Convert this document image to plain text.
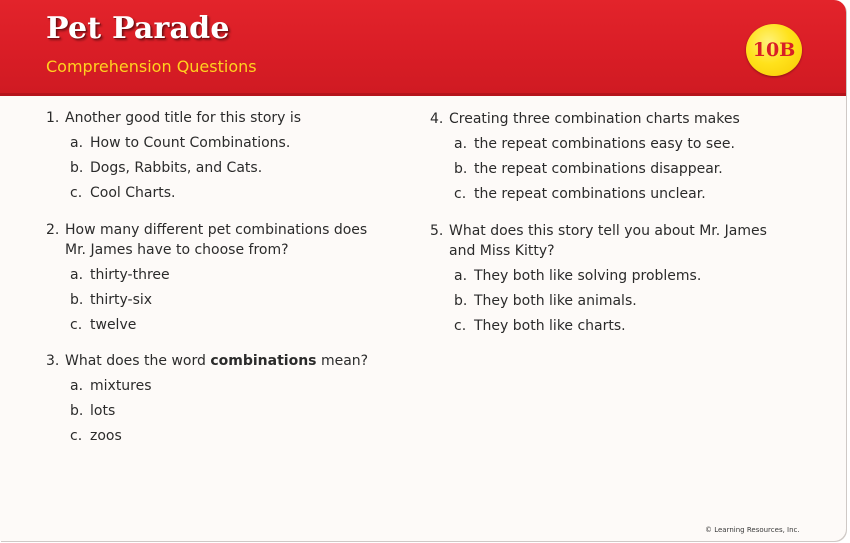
Pet Parade
Comprehension Questions
10B
1. Another good title for this story is
a. How to Count Combinations.
b. Dogs, Rabbits, and Cats.
c. Cool Charts.
2. How many different pet combinations does Mr. James have to choose from?
a. thirty-three
b. thirty-six
c. twelve
3. What does the word combinations mean?
a. mixtures
b. lots
c. zoos
4. Creating three combination charts makes
a. the repeat combinations easy to see.
b. the repeat combinations disappear.
c. the repeat combinations unclear.
5. What does this story tell you about Mr. James and Miss Kitty?
a. They both like solving problems.
b. They both like animals.
c. They both like charts.
© Learning Resources, Inc.
